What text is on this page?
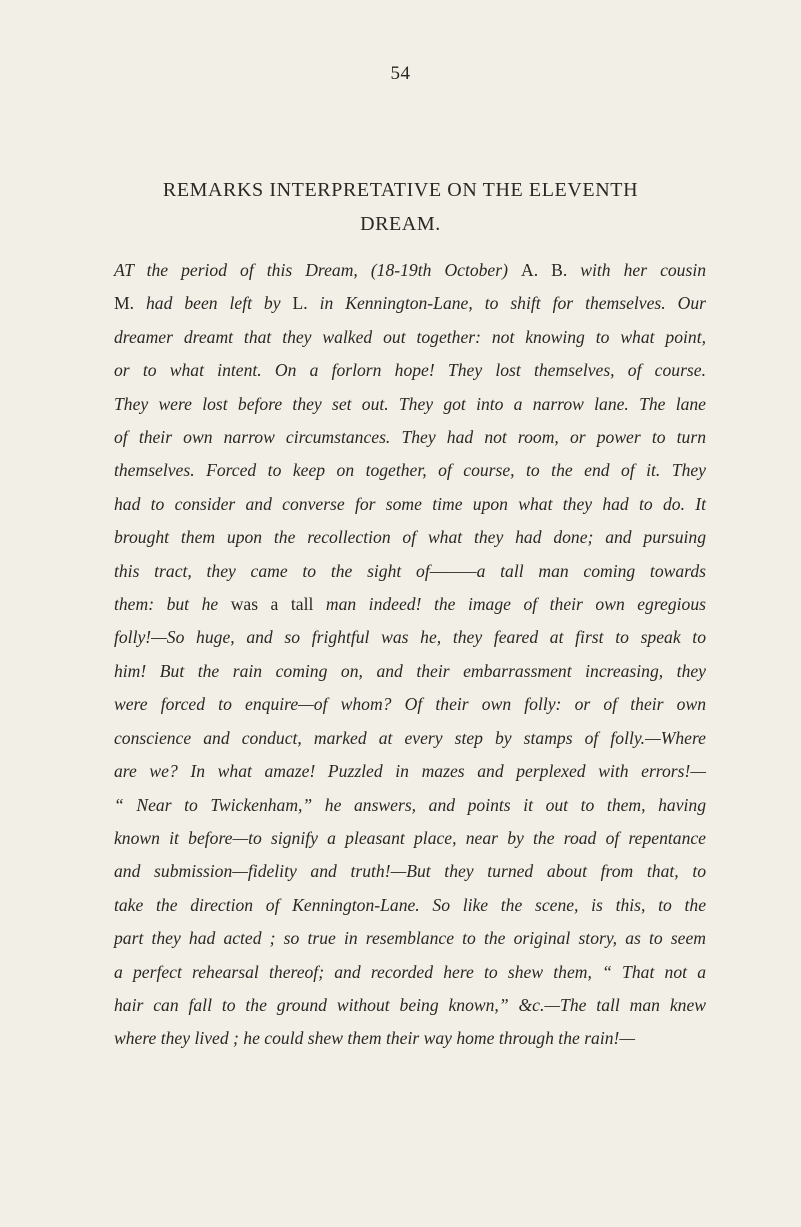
54
REMARKS INTERPRETATIVE ON THE ELEVENTH
DREAM.
AT the period of this Dream, (18-19th October) A. B. with her cousin
M. had been left by L. in Kennington-Lane, to shift for themselves. Our
dreamer dreamt that they walked out together: not knowing to what point,
or to what intent. On a forlorn hope! They lost themselves, of course.
They were lost before they set out. They got into a narrow lane. The lane
of their own narrow circumstances. They had not room, or power to turn
themselves. Forced to keep on together, of course, to the end of it. They
had to consider and converse for some time upon what they had to do. It
brought them upon the recollection of what they had done; and pursuing
this tract, they came to the sight of———a tall man coming towards
them: but he was a tall man indeed! the image of their own egregious
folly!—So huge, and so frightful was he, they feared at first to speak to
him! But the rain coming on, and their embarrassment increasing, they
were forced to enquire—of whom? Of their own folly: or of their own
conscience and conduct, marked at every step by stamps of folly.—Where
are we? In what amaze! Puzzled in mazes and perplexed with errors!—
“ Near to Twickenham,” he answers, and points it out to them, having
known it before—to signify a pleasant place, near by the road of repentance
and submission—fidelity and truth!—But they turned about from that, to
take the direction of Kennington-Lane. So like the scene, is this, to the
part they had acted ; so true in resemblance to the original story, as to seem
a perfect rehearsal thereof; and recorded here to shew them, “ That not a
hair can fall to the ground without being known,” &c.—The tall man knew
where they lived ; he could shew them their way home through the rain!—
